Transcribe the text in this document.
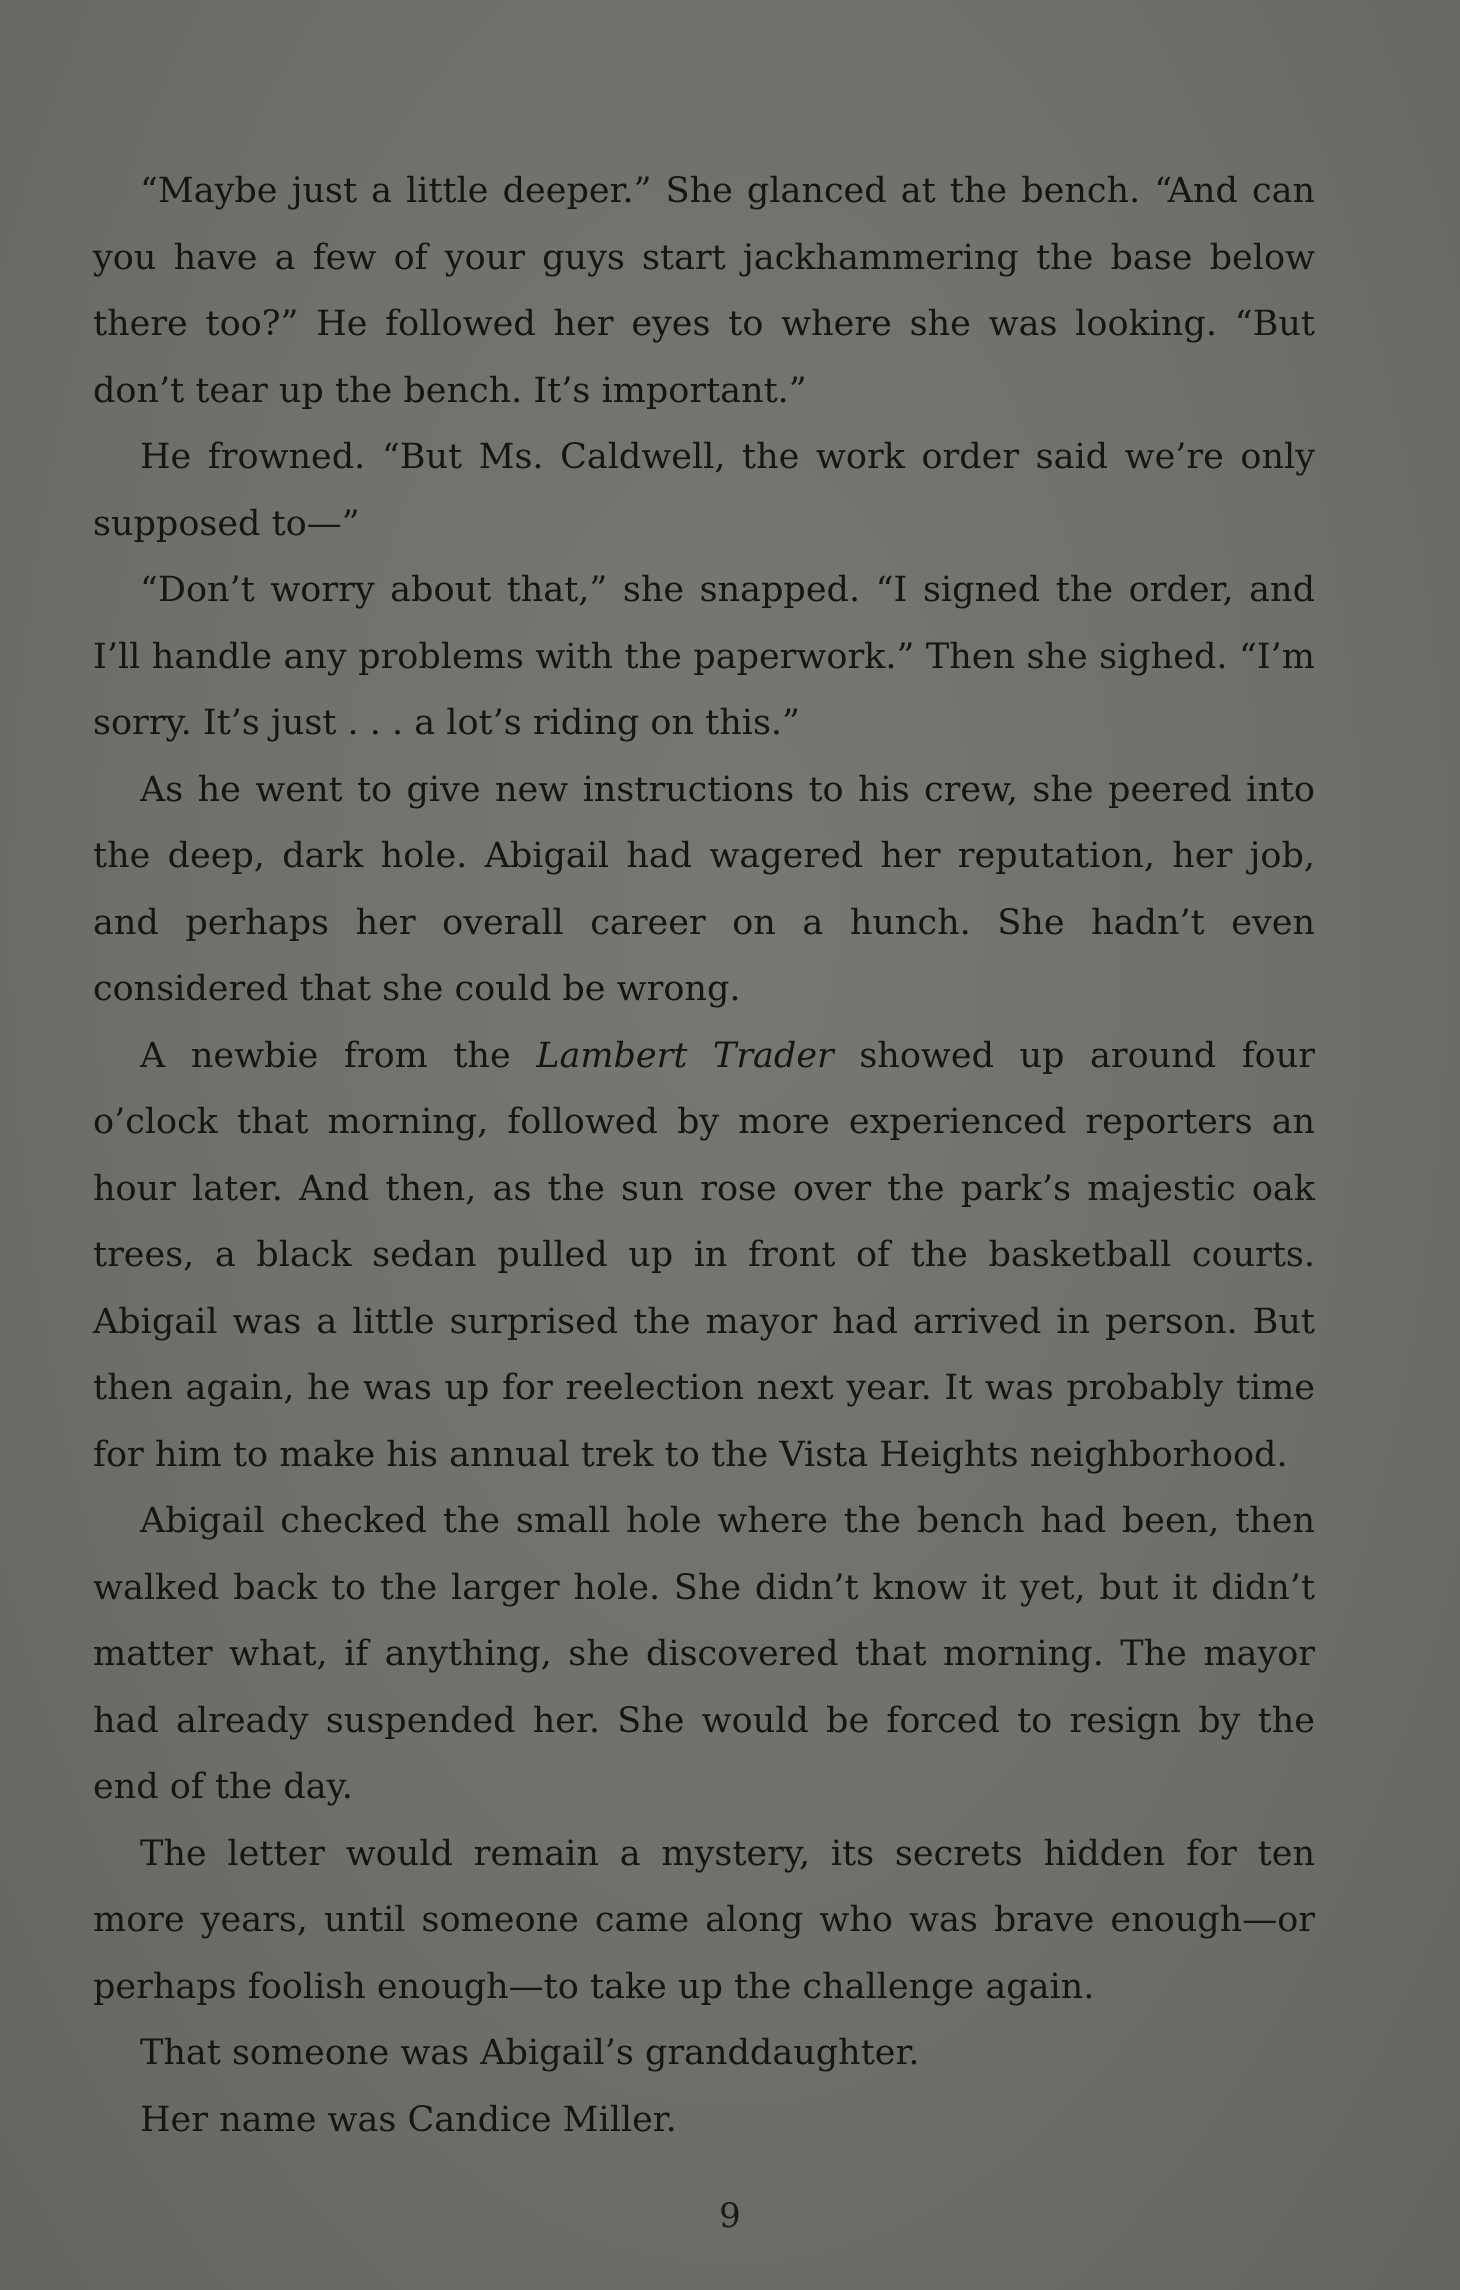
“Maybe just a little deeper.” She glanced at the bench. “And can you have a few of your guys start jackhammering the base below there too?” He followed her eyes to where she was looking. “But don’t tear up the bench. It’s important.”

He frowned. “But Ms. Caldwell, the work order said we’re only supposed to—”

“Don’t worry about that,” she snapped. “I signed the order, and I’ll handle any problems with the paperwork.” Then she sighed. “I’m sorry. It’s just . . . a lot’s riding on this.”

As he went to give new instructions to his crew, she peered into the deep, dark hole. Abigail had wagered her reputation, her job, and perhaps her overall career on a hunch. She hadn’t even considered that she could be wrong.

A newbie from the Lambert Trader showed up around four o’clock that morning, followed by more experienced reporters an hour later. And then, as the sun rose over the park’s majestic oak trees, a black sedan pulled up in front of the basketball courts. Abigail was a little surprised the mayor had arrived in person. But then again, he was up for reelection next year. It was probably time for him to make his annual trek to the Vista Heights neighborhood.

Abigail checked the small hole where the bench had been, then walked back to the larger hole. She didn’t know it yet, but it didn’t matter what, if anything, she discovered that morning. The mayor had already suspended her. She would be forced to resign by the end of the day.

The letter would remain a mystery, its secrets hidden for ten more years, until someone came along who was brave enough—or perhaps foolish enough—to take up the challenge again.

That someone was Abigail’s granddaughter.

Her name was Candice Miller.

9
